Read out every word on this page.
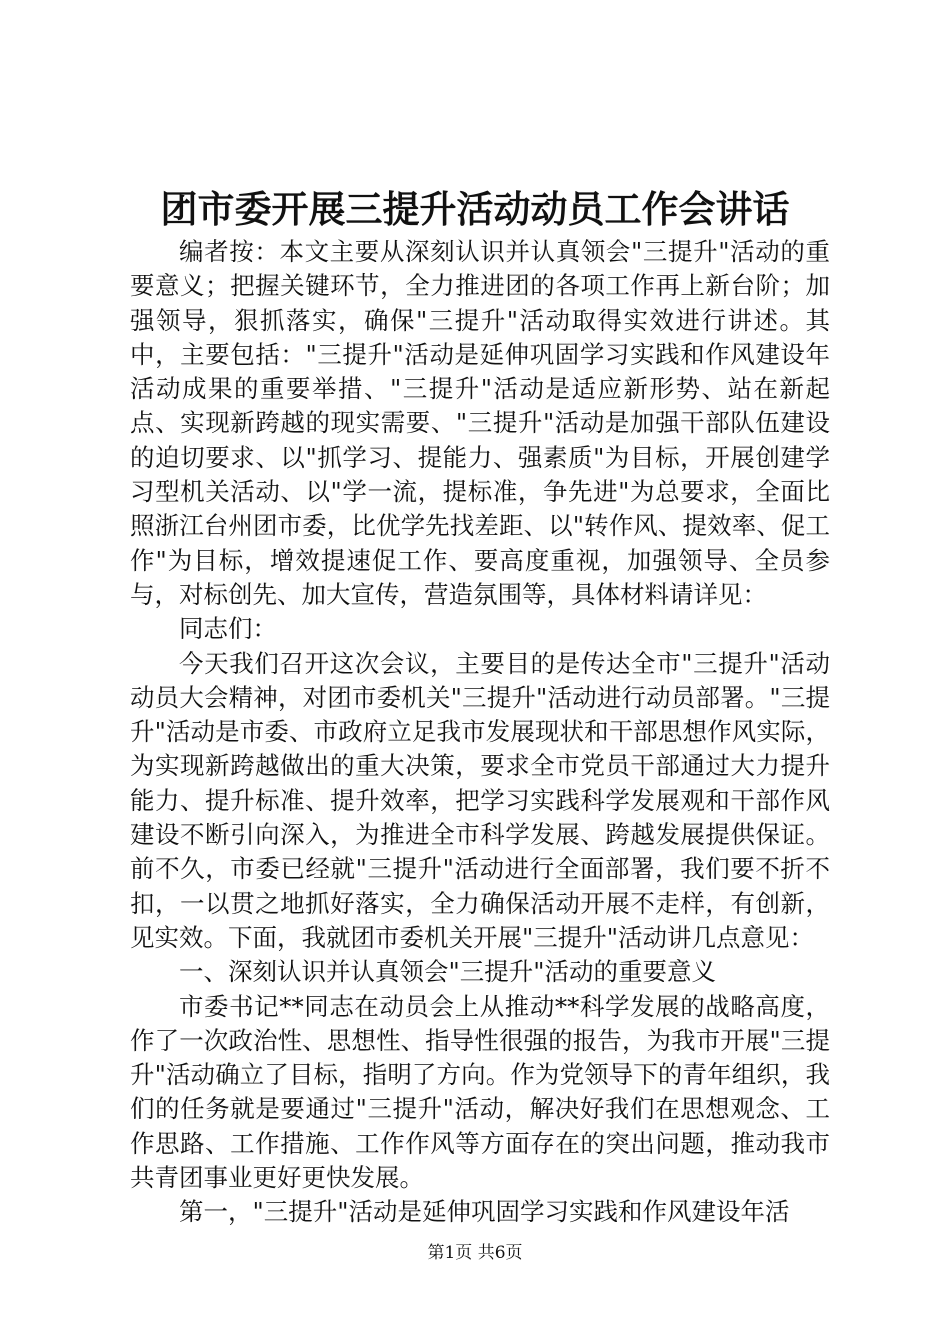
团市委开展三提升活动动员工作会讲话

编者按：本文主要从深刻认识并认真领会"三提升"活动的重要意义；把握关键环节，全力推进团的各项工作再上新台阶；加强领导，狠抓落实，确保"三提升"活动取得实效进行讲述。其中，主要包括："三提升"活动是延伸巩固学习实践和作风建设年活动成果的重要举措、"三提升"活动是适应新形势、站在新起点、实现新跨越的现实需要、"三提升"活动是加强干部队伍建设的迫切要求、以"抓学习、提能力、强素质"为目标，开展创建学习型机关活动、以"学一流，提标准，争先进"为总要求，全面比照浙江台州团市委，比优学先找差距、以"转作风、提效率、促工作"为目标，增效提速促工作、要高度重视，加强领导、全员参与，对标创先、加大宣传，营造氛围等，具体材料请详见：

同志们：

今天我们召开这次会议，主要目的是传达全市"三提升"活动动员大会精神，对团市委机关"三提升"活动进行动员部署。"三提升"活动是市委、市政府立足我市发展现状和干部思想作风实际，为实现新跨越做出的重大决策，要求全市党员干部通过大力提升能力、提升标准、提升效率，把学习实践科学发展观和干部作风建设不断引向深入，为推进全市科学发展、跨越发展提供保证。前不久，市委已经就"三提升"活动进行全面部署，我们要不折不扣，一以贯之地抓好落实，全力确保活动开展不走样，有创新，见实效。下面，我就团市委机关开展"三提升"活动讲几点意见：

一、深刻认识并认真领会"三提升"活动的重要意义

市委书记**同志在动员会上从推动**科学发展的战略高度，作了一次政治性、思想性、指导性很强的报告，为我市开展"三提升"活动确立了目标，指明了方向。作为党领导下的青年组织，我们的任务就是要通过"三提升"活动，解决好我们在思想观念、工作思路、工作措施、工作作风等方面存在的突出问题，推动我市共青团事业更好更快发展。

第一，"三提升"活动是延伸巩固学习实践和作风建设年活

第1页 共6页
